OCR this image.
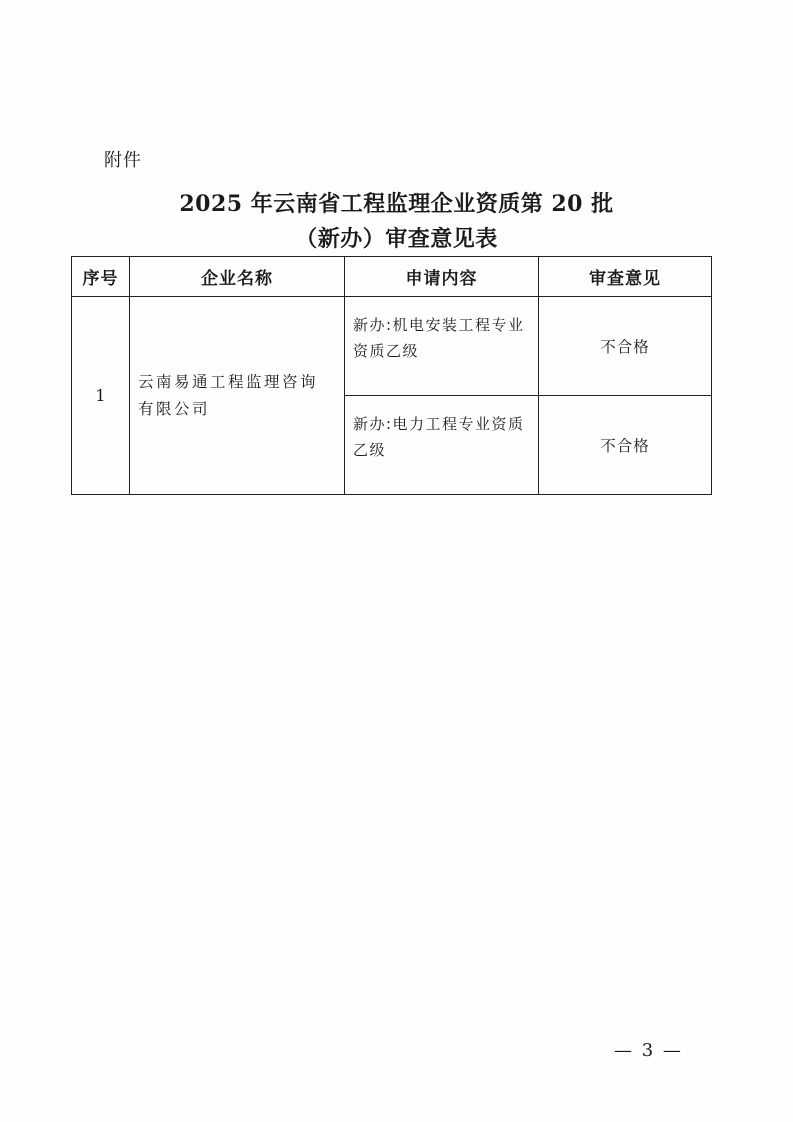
附件
2025 年云南省工程监理企业资质第 20 批
（新办）审查意见表
序号	企业名称	申请内容	审查意见
1	云南易通工程监理咨询有限公司	新办:机电安装工程专业资质乙级	不合格
		新办:电力工程专业资质乙级	不合格
— 3 —
